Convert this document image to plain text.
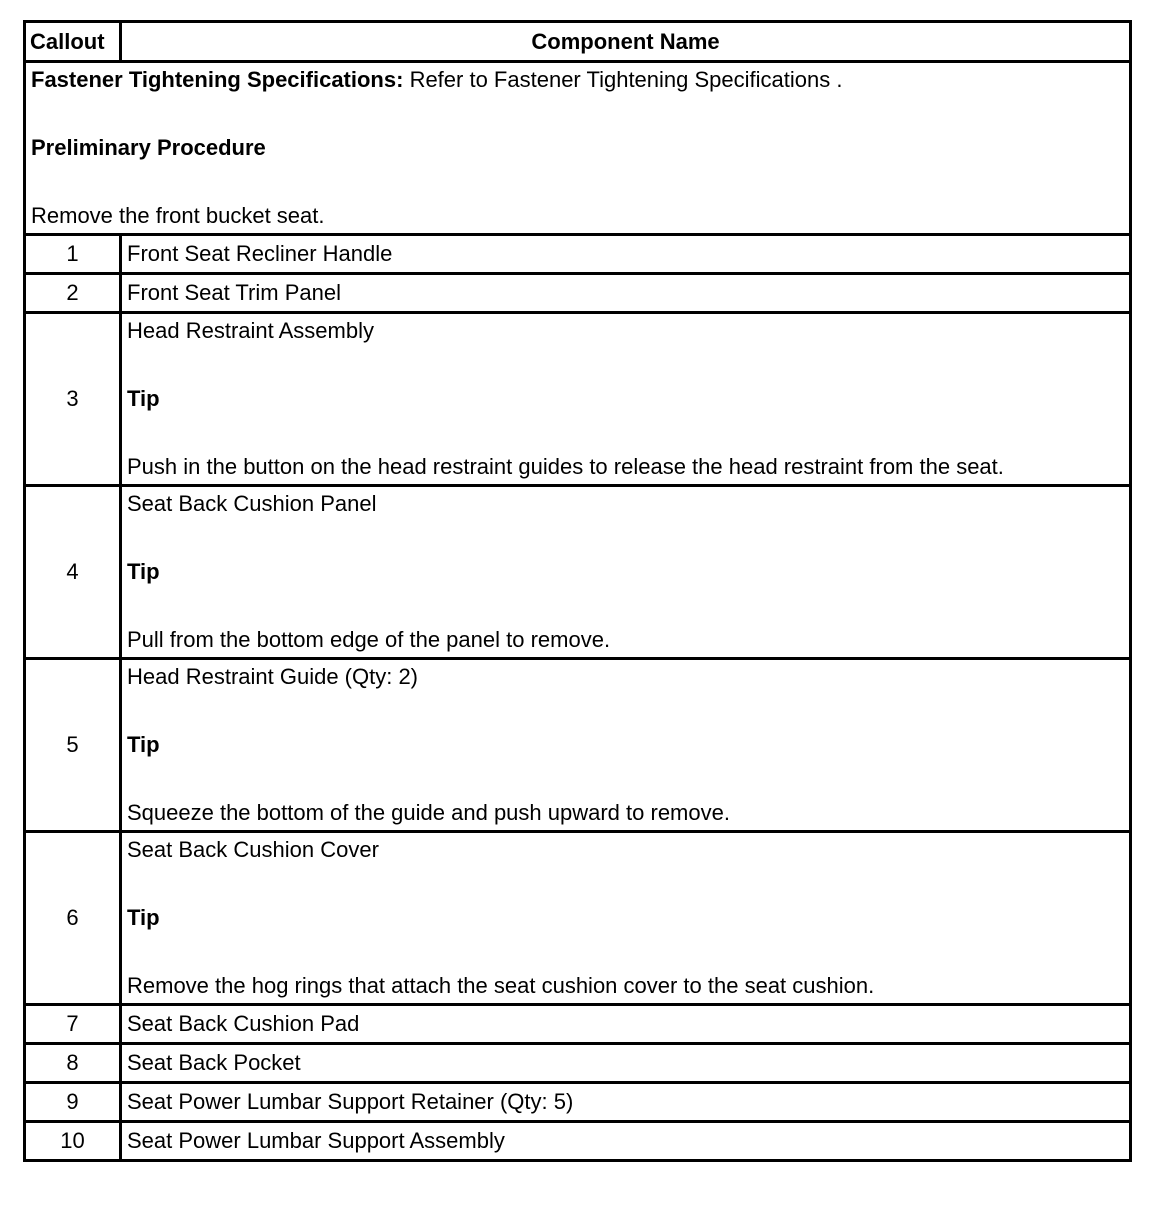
Callout	Component Name

Fastener Tightening Specifications: Refer to Fastener Tightening Specifications .

Preliminary Procedure

Remove the front bucket seat.	

1	Front Seat Recliner Handle
2	Front Seat Trim Panel
3	Head Restraint Assembly

Tip

Push in the button on the head restraint guides to release the head restraint from the seat.

4	Seat Back Cushion Panel

Tip

Pull from the bottom edge of the panel to remove.

5	Head Restraint Guide (Qty: 2)

Tip

Squeeze the bottom of the guide and push upward to remove.

6	Seat Back Cushion Cover

Tip

Remove the hog rings that attach the seat cushion cover to the seat cushion.

7	Seat Back Cushion Pad
8	Seat Back Pocket
9	Seat Power Lumbar Support Retainer (Qty: 5)
10	Seat Power Lumbar Support Assembly
